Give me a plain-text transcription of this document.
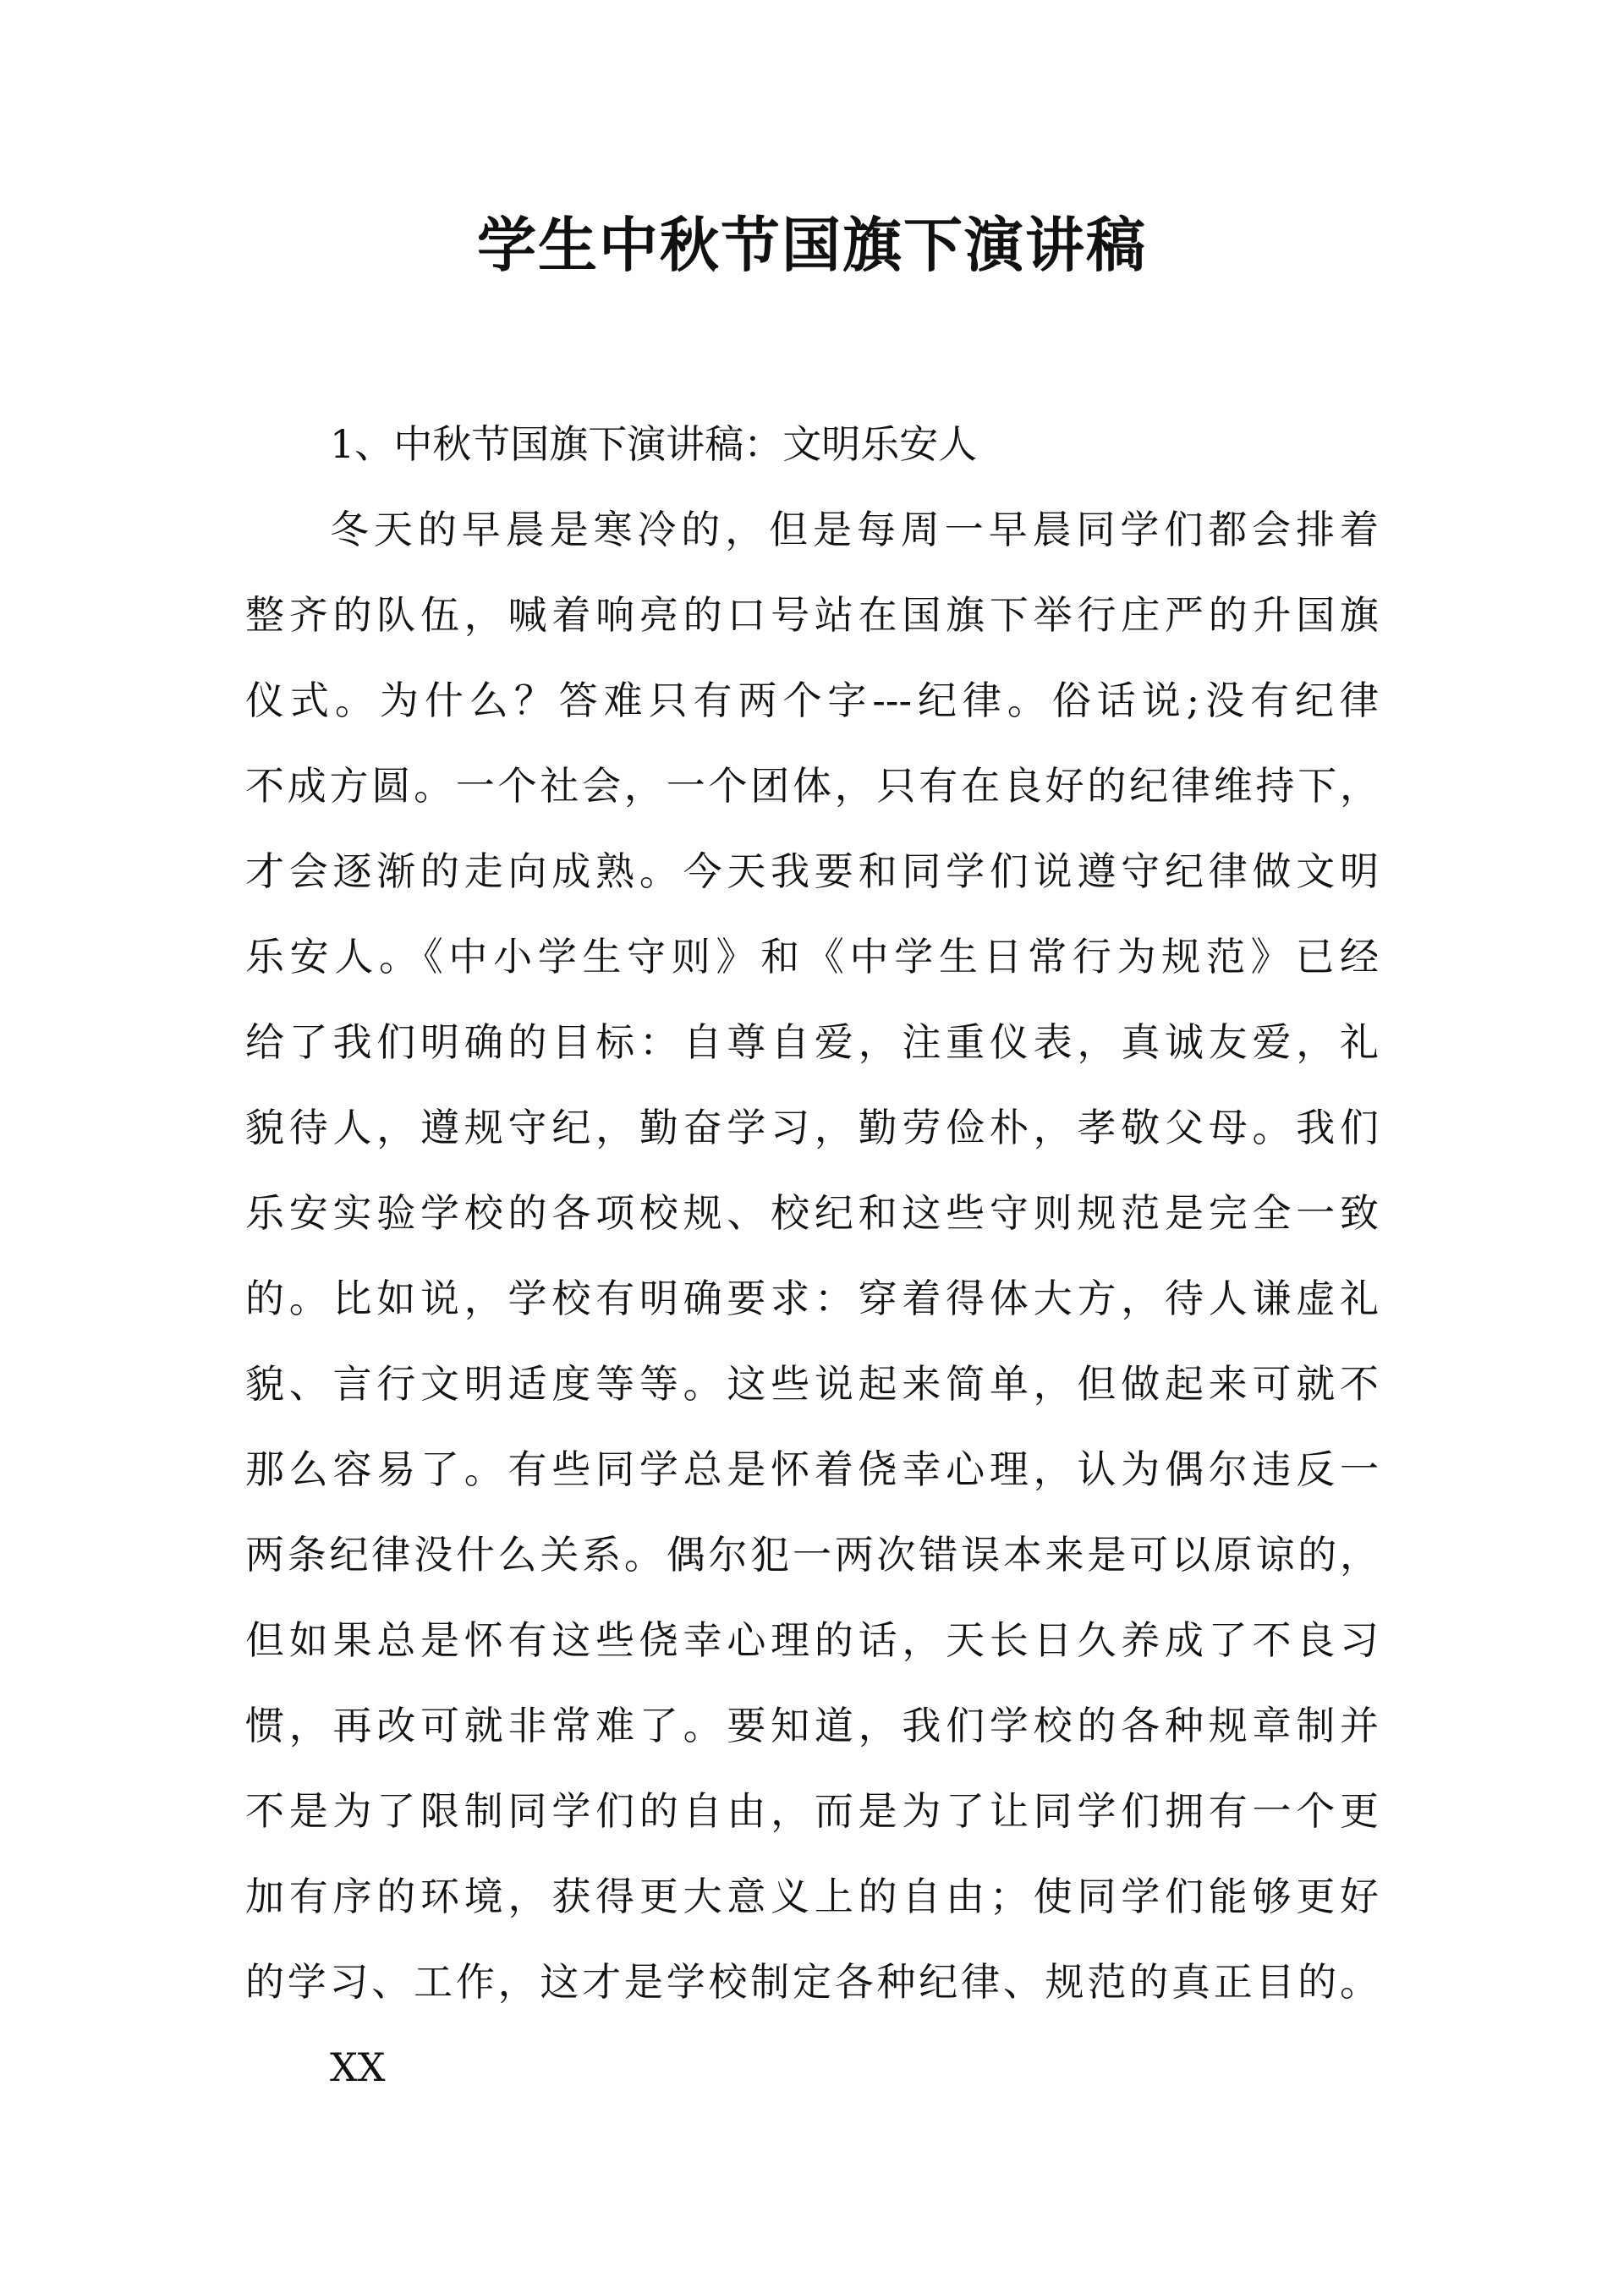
学生中秋节国旗下演讲稿
1、中秋节国旗下演讲稿：文明乐安人
冬天的早晨是寒冷的，但是每周一早晨同学们都会排着
整齐的队伍，喊着响亮的口号站在国旗下举行庄严的升国旗
仪式。为什么？答难只有两个字---纪律。俗话说;没有纪律
不成方圆。一个社会，一个团体，只有在良好的纪律维持下，
才会逐渐的走向成熟。今天我要和同学们说遵守纪律做文明
乐安人。《中小学生守则》和《中学生日常行为规范》已经
给了我们明确的目标：自尊自爱，注重仪表，真诚友爱，礼
貌待人，遵规守纪，勤奋学习，勤劳俭朴，孝敬父母。我们
乐安实验学校的各项校规、校纪和这些守则规范是完全一致
的。比如说，学校有明确要求：穿着得体大方，待人谦虚礼
貌、言行文明适度等等。这些说起来简单，但做起来可就不
那么容易了。有些同学总是怀着侥幸心理，认为偶尔违反一
两条纪律没什么关系。偶尔犯一两次错误本来是可以原谅的，
但如果总是怀有这些侥幸心理的话，天长日久养成了不良习
惯，再改可就非常难了。要知道，我们学校的各种规章制并
不是为了限制同学们的自由，而是为了让同学们拥有一个更
加有序的环境，获得更大意义上的自由；使同学们能够更好
的学习、工作，这才是学校制定各种纪律、规范的真正目的。
XX
